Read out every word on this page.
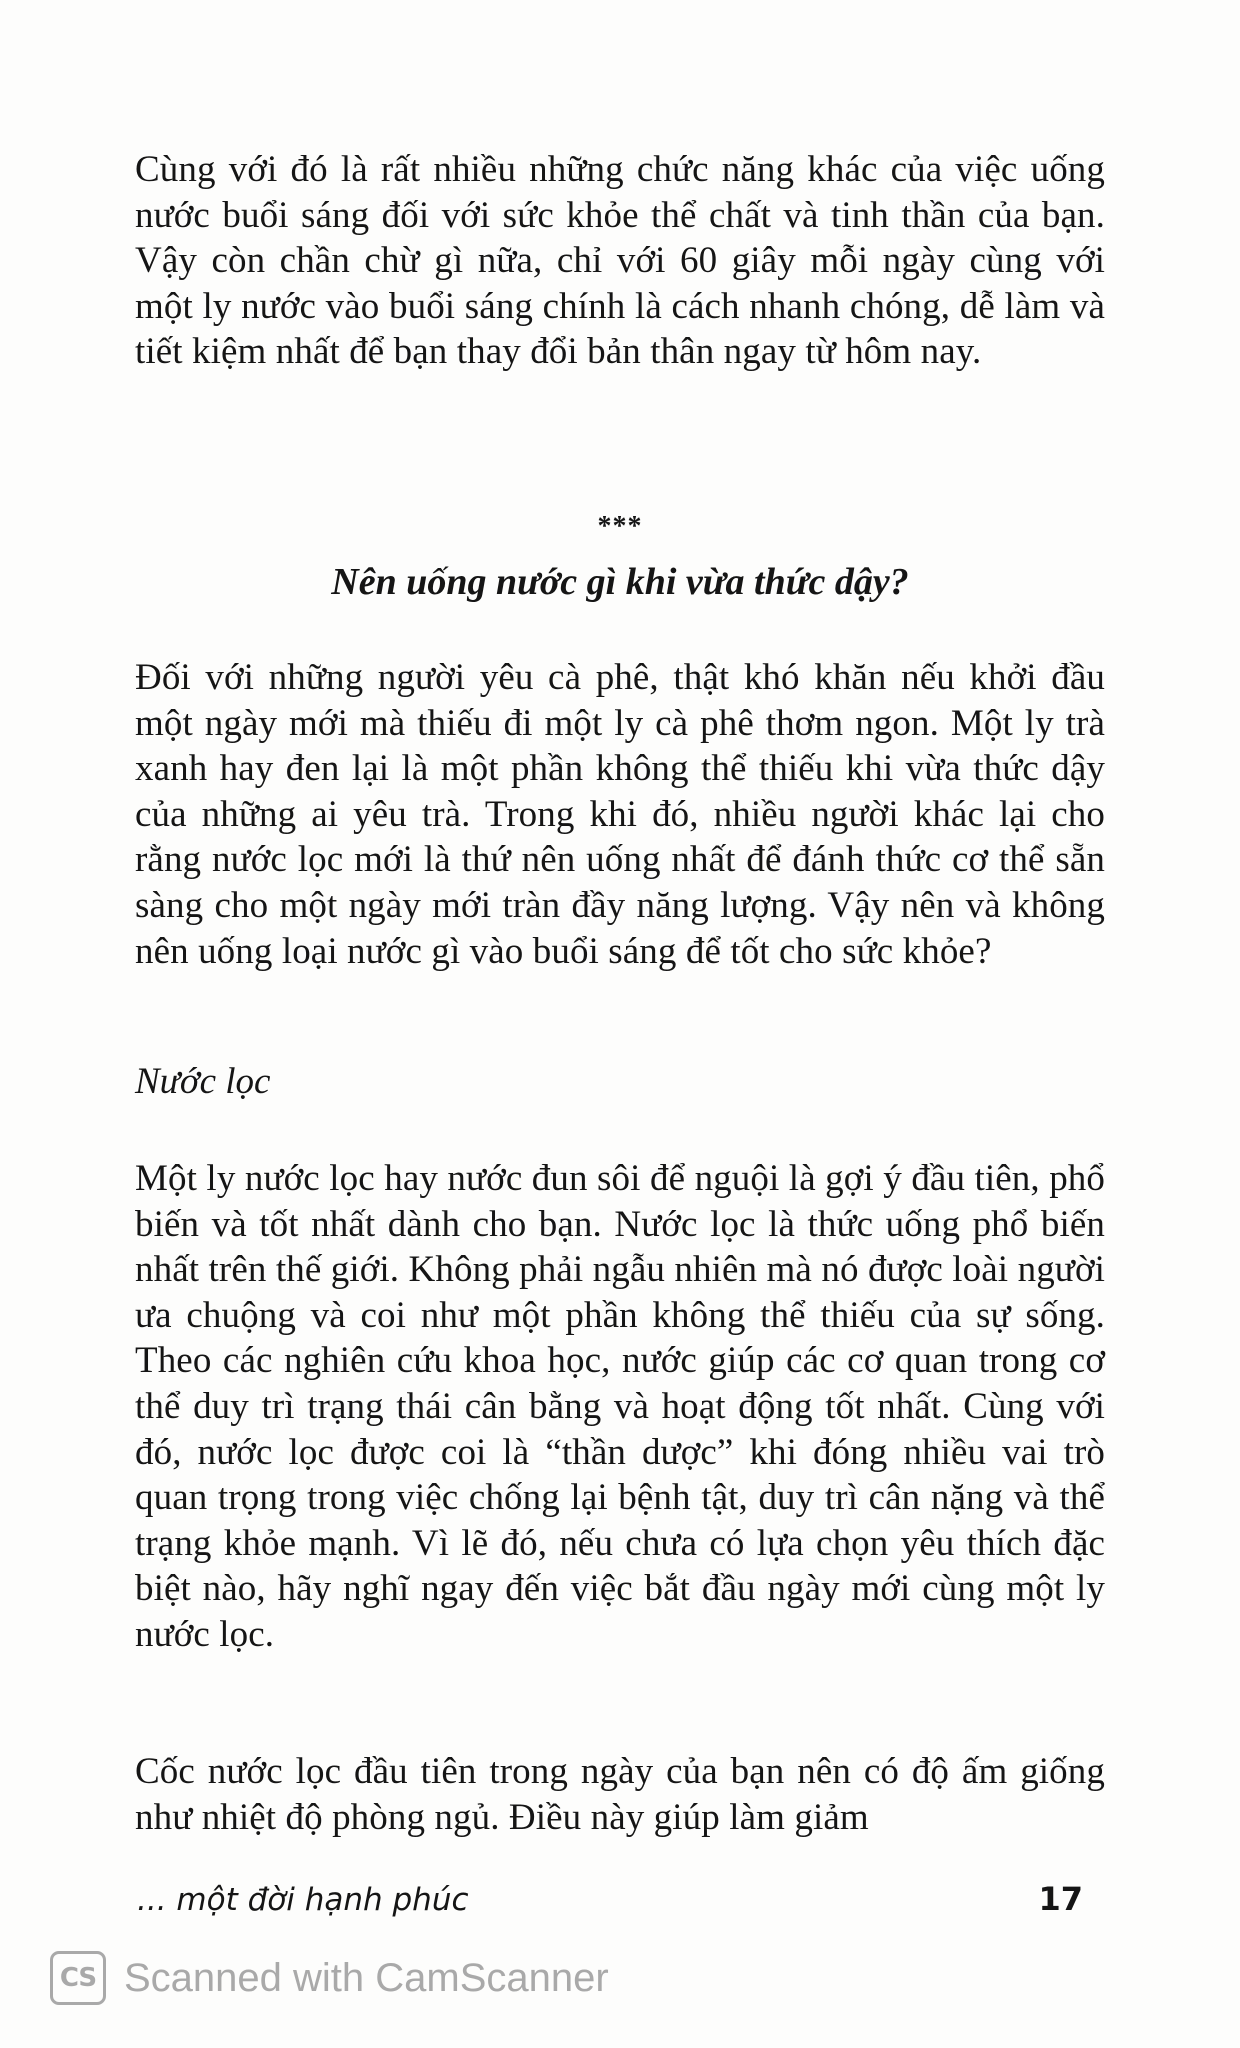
Cùng với đó là rất nhiều những chức năng khác của việc uống nước buổi sáng đối với sức khỏe thể chất và tinh thần của bạn. Vậy còn chần chừ gì nữa, chỉ với 60 giây mỗi ngày cùng với một ly nước vào buổi sáng chính là cách nhanh chóng, dễ làm và tiết kiệm nhất để bạn thay đổi bản thân ngay từ hôm nay.

***
Nên uống nước gì khi vừa thức dậy?

Đối với những người yêu cà phê, thật khó khăn nếu khởi đầu một ngày mới mà thiếu đi một ly cà phê thơm ngon. Một ly trà xanh hay đen lại là một phần không thể thiếu khi vừa thức dậy của những ai yêu trà. Trong khi đó, nhiều người khác lại cho rằng nước lọc mới là thứ nên uống nhất để đánh thức cơ thể sẵn sàng cho một ngày mới tràn đầy năng lượng. Vậy nên và không nên uống loại nước gì vào buổi sáng để tốt cho sức khỏe?

Nước lọc

Một ly nước lọc hay nước đun sôi để nguội là gợi ý đầu tiên, phổ biến và tốt nhất dành cho bạn. Nước lọc là thức uống phổ biến nhất trên thế giới. Không phải ngẫu nhiên mà nó được loài người ưa chuộng và coi như một phần không thể thiếu của sự sống. Theo các nghiên cứu khoa học, nước giúp các cơ quan trong cơ thể duy trì trạng thái cân bằng và hoạt động tốt nhất. Cùng với đó, nước lọc được coi là “thần dược” khi đóng nhiều vai trò quan trọng trong việc chống lại bệnh tật, duy trì cân nặng và thể trạng khỏe mạnh. Vì lẽ đó, nếu chưa có lựa chọn yêu thích đặc biệt nào, hãy nghĩ ngay đến việc bắt đầu ngày mới cùng một ly nước lọc.

Cốc nước lọc đầu tiên trong ngày của bạn nên có độ ấm giống như nhiệt độ phòng ngủ. Điều này giúp làm giảm

... một đời hạnh phúc	17
CS Scanned with CamScanner
